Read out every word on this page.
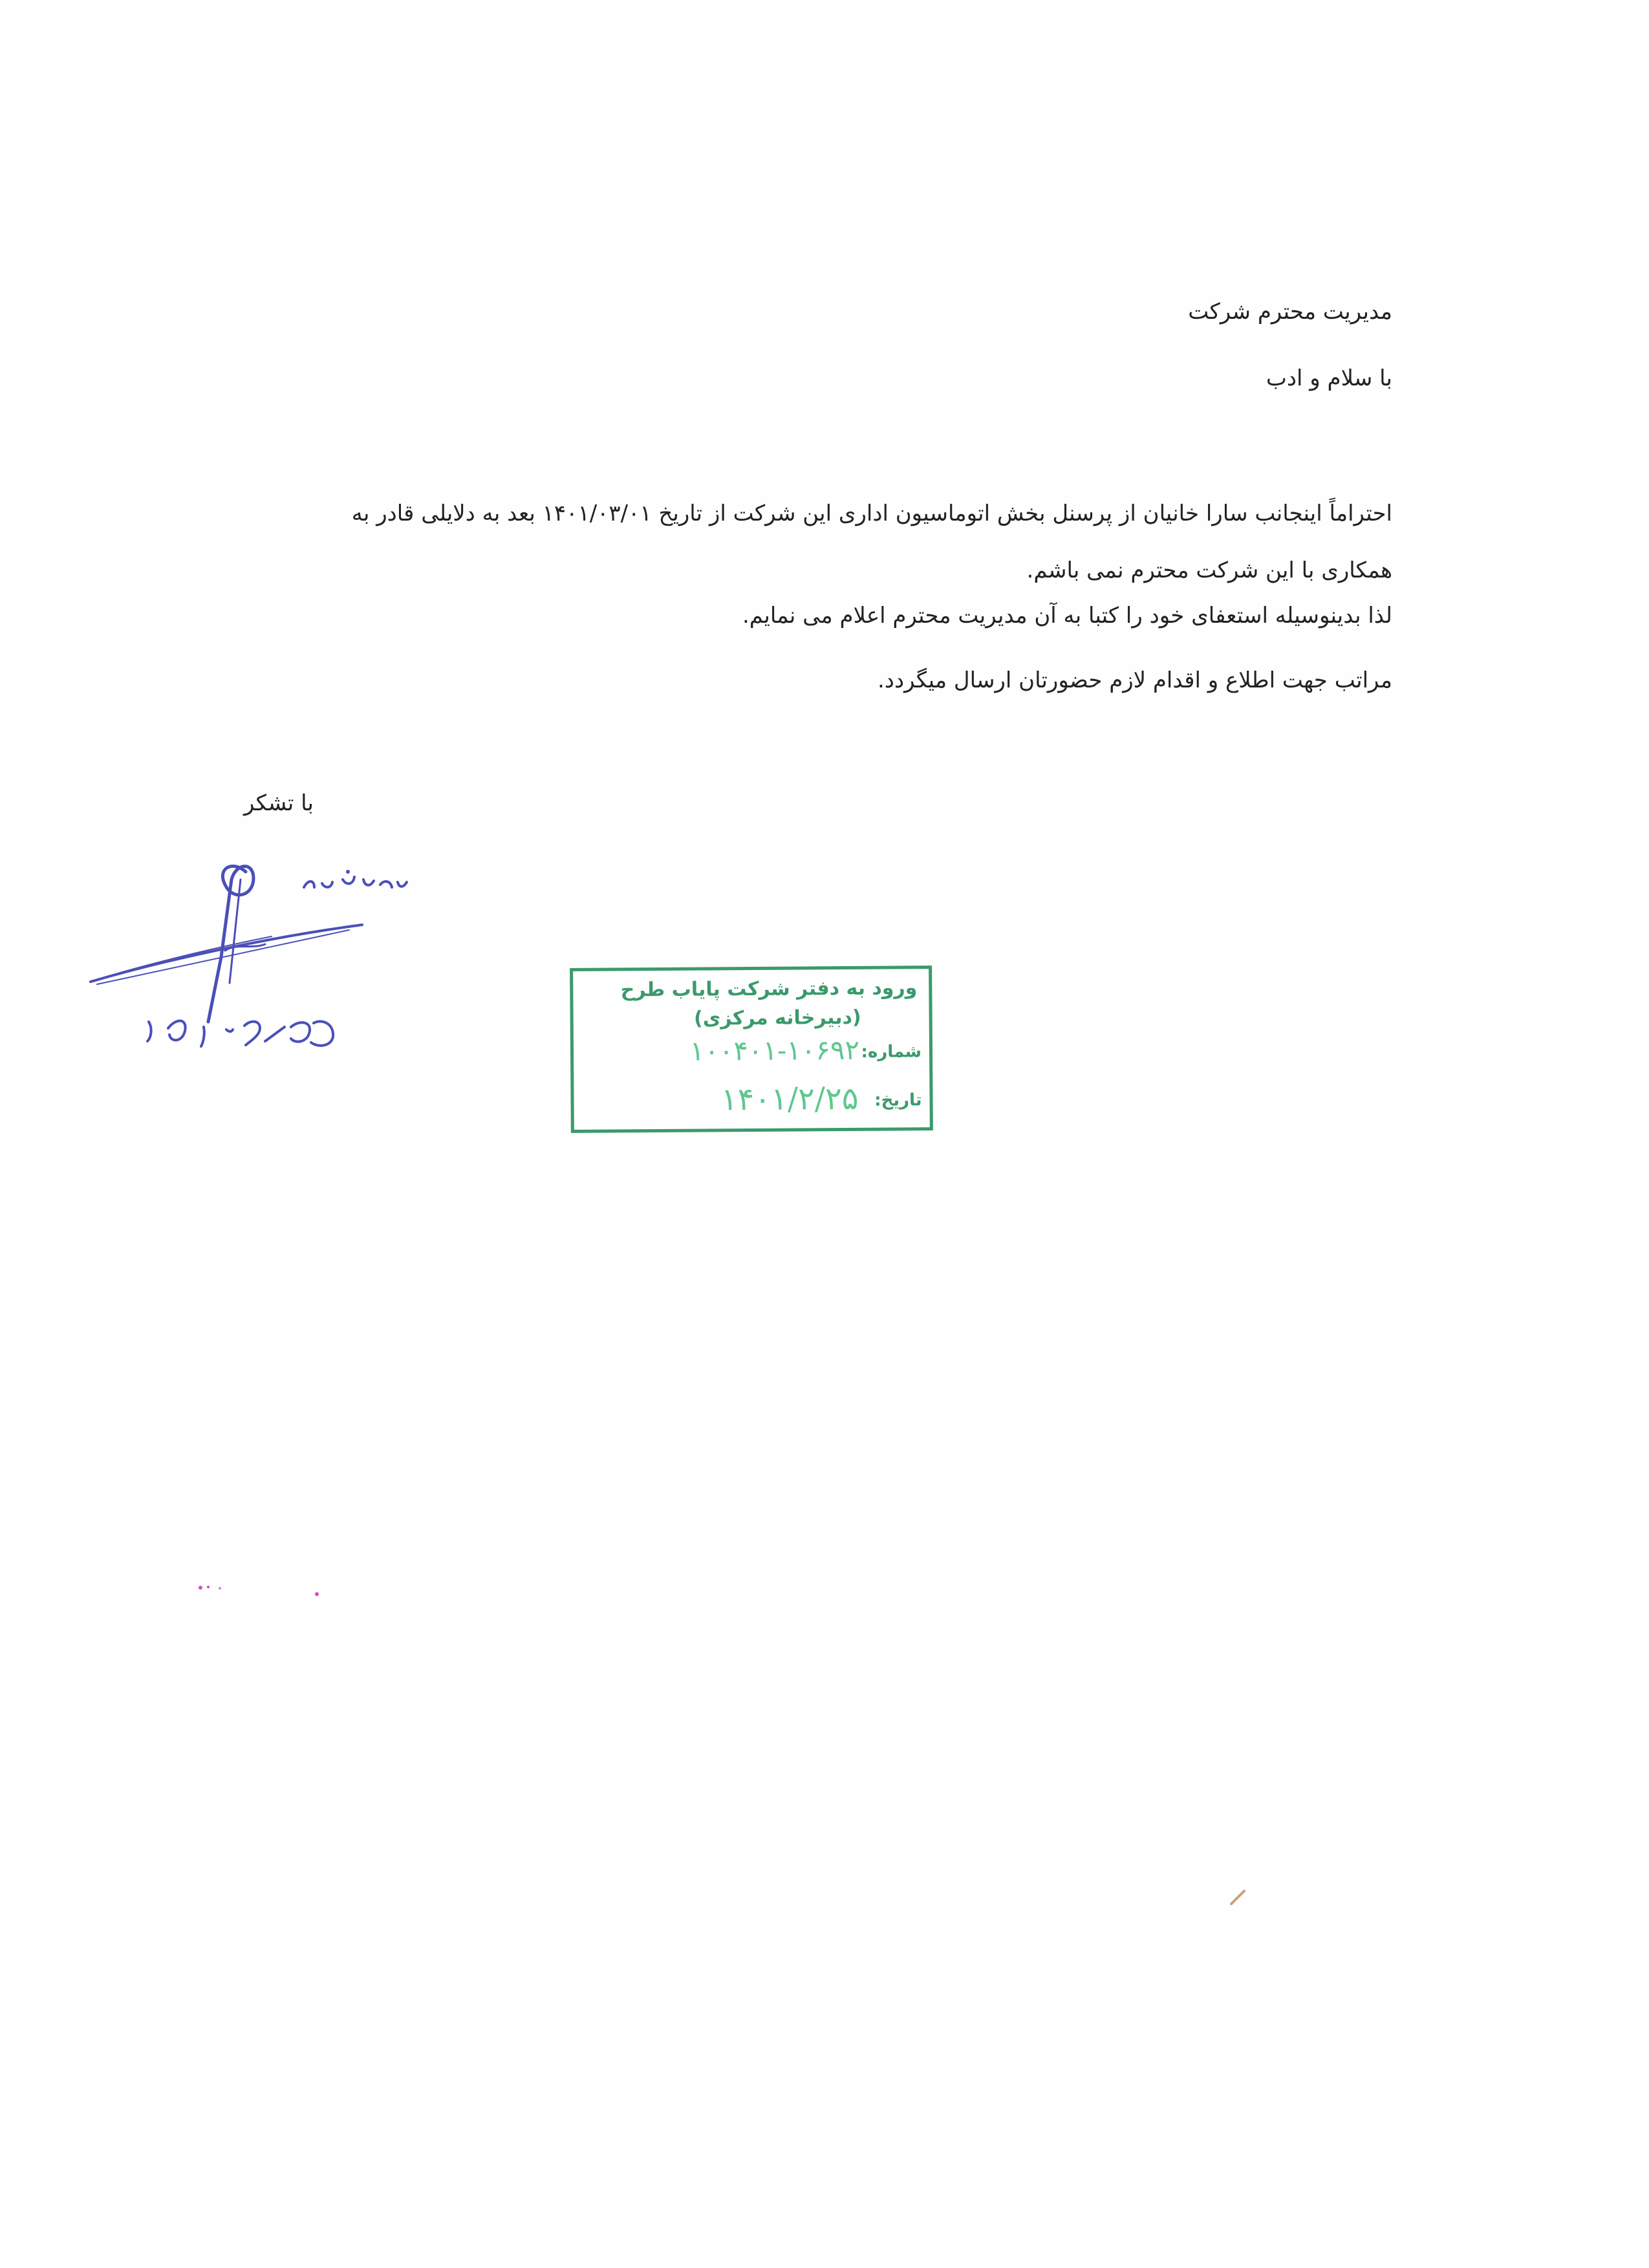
مدیریت محترم شرکت
با سلام و ادب
احتراماً اینجانب سارا خانیان از پرسنل بخش اتوماسیون اداری این شرکت از تاریخ ۱۴۰۱/۰۳/۰۱ بعد به دلایلی قادر به همکاری با این شرکت محترم نمی باشم.
لذا بدینوسیله استعفای خود را کتبا به آن مدیریت محترم اعلام می نمایم.
مراتب جهت اطلاع و اقدام لازم حضورتان ارسال میگردد.
با تشکر
ورود به دفتر شرکت پایاب طرح
(دبیرخانه مرکزی)
شماره:
۱۰۰۴۰۱-۱۰۶۹۲
تاریخ:
۱۴۰۱/۲/۲۵
